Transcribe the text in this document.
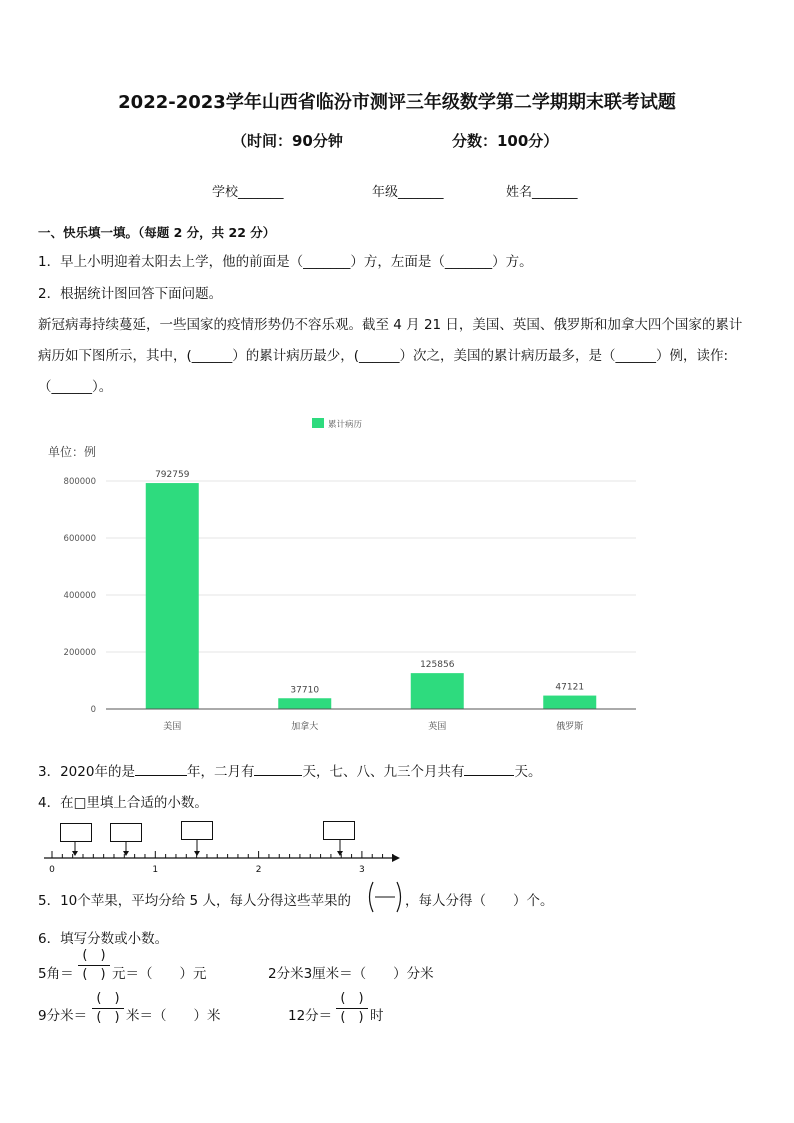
2022-2023学年山西省临汾市测评三年级数学第二学期期末联考试题
（时间：90分钟	分数：100分）
学校_______	年级_______	姓名_______
一、快乐填一填。（每题 2 分，共 22 分）
1．早上小明迎着太阳去上学，他的前面是（_______）方，左面是（_______）方。
2．根据统计图回答下面问题。
新冠病毒持续蔓延，一些国家的疫情形势仍不容乐观。截至 4 月 21 日，美国、英国、俄罗斯和加拿大四个国家的累计
病历如下图所示，其中，(______）的累计病历最少，(______）次之，美国的累计病历最多，是（______）例，读作:
（______）。
累计病历
单位：例
0
200000
400000
600000
800000
792759
37710
125856
47121
美国	加拿大	英国	俄罗斯
3．2020年的是	年，二月有	天，七、八、九三个月共有	天。
4．在□里填上合适的小数。
0	1	2	3
5．10个苹果，平均分给 5 人，每人分得这些苹果的	，每人分得（　　）个。
6．填写分数或小数。
5角＝
(　)
(　) 元＝（　　）元	2分米3厘米＝（　　）分米
9分米＝
(　)
(　) 米＝（　　）米	12分＝
(　)
(　) 时
